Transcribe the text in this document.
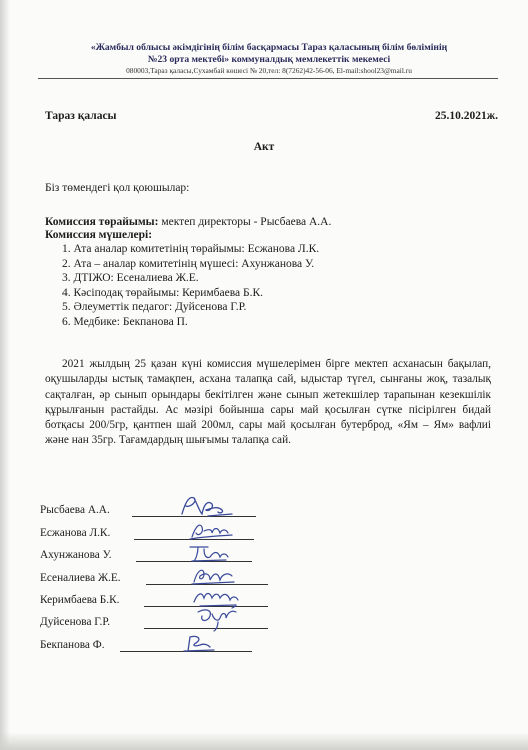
«Жамбыл облысы әкімдігінің білім басқармасы Тараз қаласының білім бөлімінің
№23 орта мектебі» коммуналдық мемлекеттік мекемесі
080003,Тараз қаласы,Сухамбай көшесі № 20,тел: 8(7262)42-56-06, Еl-mail:shool23@mail.ru
Тараз қаласы	25.10.2021ж.
Акт
Біз төмендегі қол қоюшылар:
Комиссия төрайымы: мектеп директоры - Рысбаева А.А.
Комиссия мүшелері:
1. Ата аналар комитетінің төрайымы: Есжанова Л.К.
2. Ата – аналар комитетінің мүшесі: Ахунжанова У.
3. ДТІЖО: Есеналиева Ж.Е.
4. Кәсіподақ төрайымы: Керимбаева Б.К.
5. Әлеуметтік педагог: Дуйсенова Г.Р.
6. Медбике: Бекпанова П.
2021 жылдың 25 қазан күні комиссия мүшелерімен бірге мектеп асханасын бақылап, оқушыларды ыстық тамақпен, асхана талапқа сай, ыдыстар түгел, сынғаны жоқ, тазалық сақталған, әр сынып орындары бекітілген және сынып жетекшілер тарапынан кезекшілік құрылғанын растайды. Ас мәзірі бойынша сары май қосылған сүтке пісірілген бидай ботқасы 200/5гр, қантпен шай 200мл, сары май қосылған бутерброд, «Ям – Ям» вафлиі және нан 35гр. Тағамдардың шығымы талапқа сай.
Рысбаева А.А.
Есжанова Л.К.
Ахунжанова У.
Есеналиева Ж.Е.
Керимбаева Б.К.
Дуйсенова Г.Р.
Бекпанова Ф.
